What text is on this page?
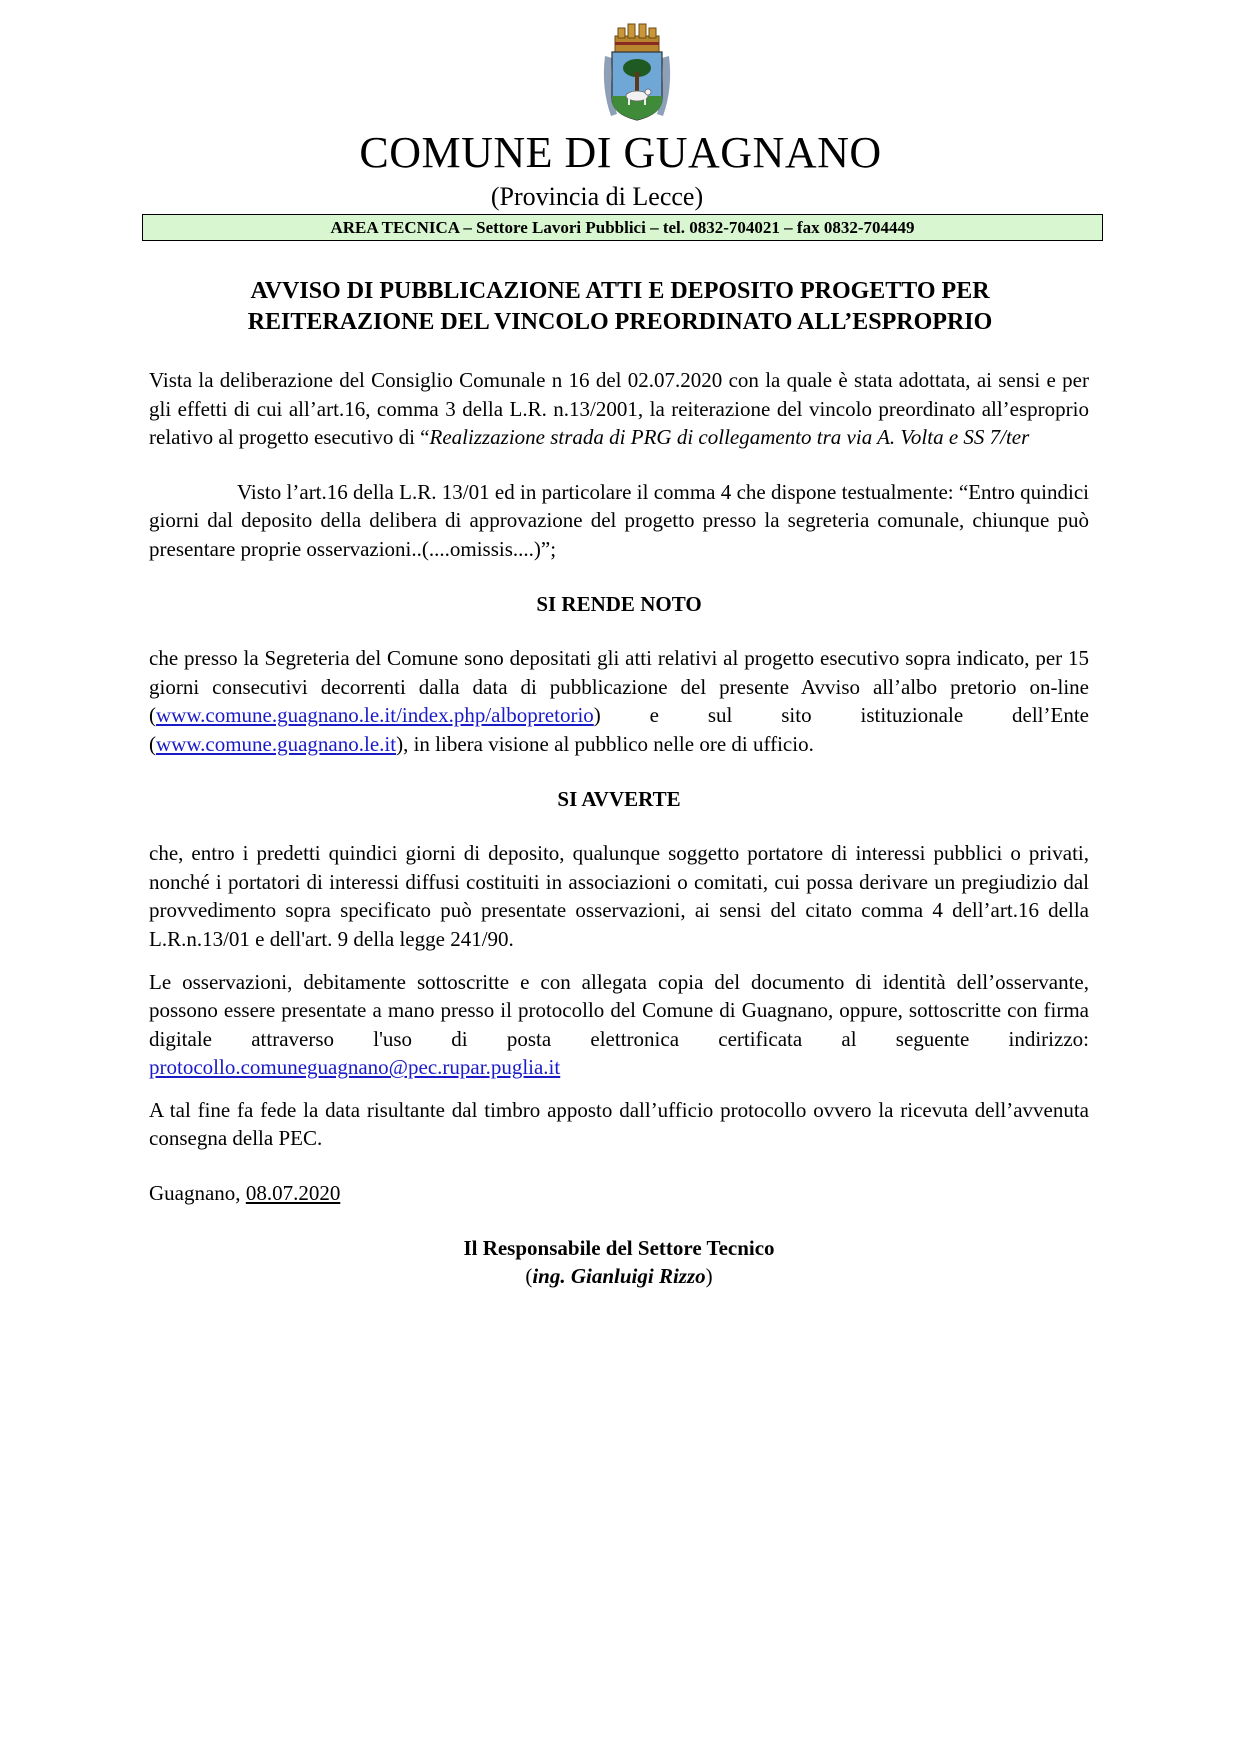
COMUNE DI GUAGNANO
(Provincia di Lecce)
AREA TECNICA – Settore Lavori Pubblici – tel. 0832-704021 – fax 0832-704449
AVVISO DI PUBBLICAZIONE ATTI E DEPOSITO PROGETTO PER
REITERAZIONE DEL VINCOLO PREORDINATO ALL’ESPROPRIO

Vista la deliberazione del Consiglio Comunale n 16 del 02.07.2020 con la quale è stata adottata, ai sensi e per gli effetti di cui all’art.16, comma 3 della L.R. n.13/2001, la reiterazione del vincolo preordinato all’esproprio relativo al progetto esecutivo di “Realizzazione strada di PRG di collegamento tra via A. Volta e SS 7/ter

Visto l’art.16 della L.R. 13/01 ed in particolare il comma 4 che dispone testualmente: “Entro quindici giorni dal deposito della delibera di approvazione del progetto presso la segreteria comunale, chiunque può presentare proprie osservazioni..(....omissis....)”;

SI RENDE NOTO

che presso la Segreteria del Comune sono depositati gli atti relativi al progetto esecutivo sopra indicato, per 15 giorni consecutivi decorrenti dalla data di pubblicazione del presente Avviso all’albo pretorio on-line (www.comune.guagnano.le.it/index.php/albopretorio) e sul sito istituzionale dell’Ente (www.comune.guagnano.le.it), in libera visione al pubblico nelle ore di ufficio.

SI AVVERTE

che, entro i predetti quindici giorni di deposito, qualunque soggetto portatore di interessi pubblici o privati, nonché i portatori di interessi diffusi costituiti in associazioni o comitati, cui possa derivare un pregiudizio dal provvedimento sopra specificato può presentate osservazioni, ai sensi del citato comma 4 dell’art.16 della L.R.n.13/01 e dell'art. 9 della legge 241/90.

Le osservazioni, debitamente sottoscritte e con allegata copia del documento di identità dell’osservante, possono essere presentate a mano presso il protocollo del Comune di Guagnano, oppure, sottoscritte con firma digitale attraverso l'uso di posta elettronica certificata al seguente indirizzo: protocollo.comuneguagnano@pec.rupar.puglia.it

A tal fine fa fede la data risultante dal timbro apposto dall’ufficio protocollo ovvero la ricevuta dell’avvenuta consegna della PEC.

Guagnano, 08.07.2020

Il Responsabile del Settore Tecnico
(ing. Gianluigi Rizzo)
